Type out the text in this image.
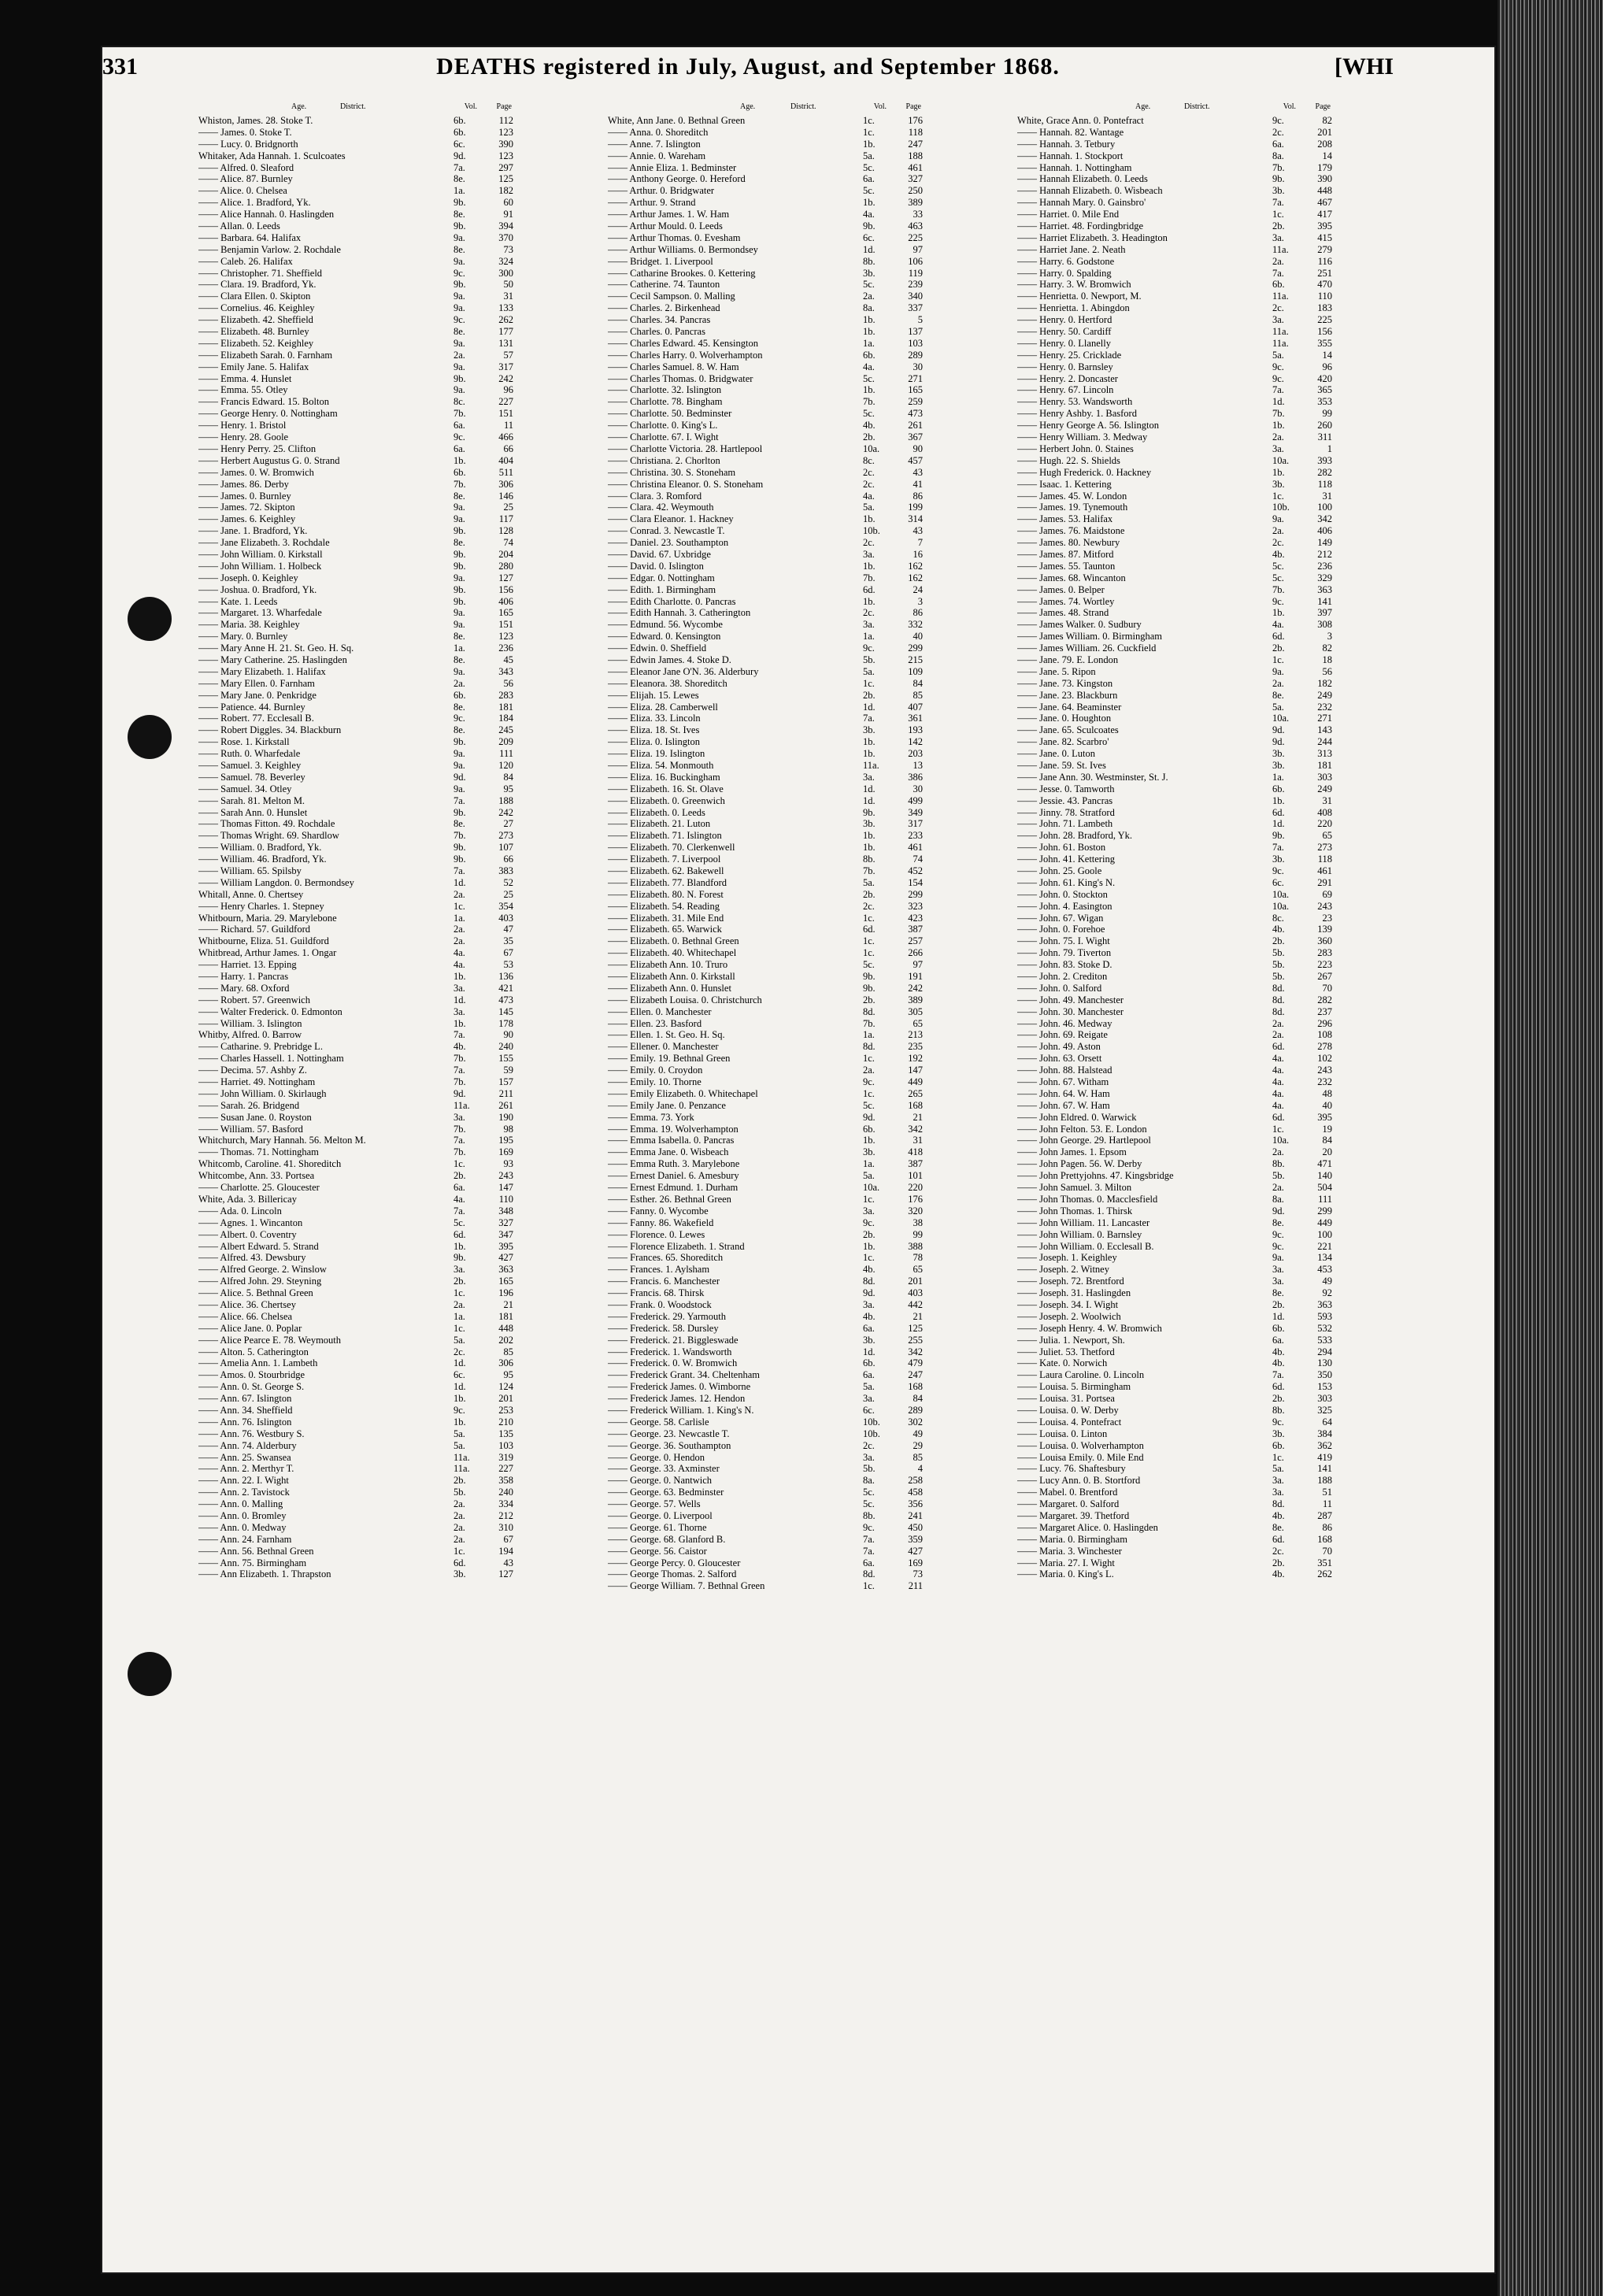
331	DEATHS registered in July, August, and September 1868.	[WHI
Age.	District.	Vol. Page
Whiston, James. 28. Stoke T.	6b.	112
—— James. 0. Stoke T.	6b.	123
—— Lucy. 0. Bridgnorth	6c.	390
Whitaker, Ada Hannah. 1. Sculcoates	9d.	123
—— Alfred. 0. Sleaford	7a.	297
—— Alice. 87. Burnley	8e.	125
—— Alice. 0. Chelsea	1a.	182
—— Alice. 1. Bradford, Yk.	9b.	60
—— Alice Hannah. 0. Haslingden	8e.	91
—— Allan. 0. Leeds	9b.	394
—— Barbara. 64. Halifax	9a.	370
—— Benjamin Varlow. 2. Rochdale	8e.	73
—— Caleb. 26. Halifax	9a.	324
—— Christopher. 71. Sheffield	9c.	300
—— Clara. 19. Bradford, Yk.	9b.	50
—— Clara Ellen. 0. Skipton	9a.	31
—— Cornelius. 46. Keighley	9a.	133
—— Elizabeth. 42. Sheffield	9c.	262
—— Elizabeth. 48. Burnley	8e.	177
—— Elizabeth. 52. Keighley	9a.	131
—— Elizabeth Sarah. 0. Farnham	2a.	57
—— Emily Jane. 5. Halifax	9a.	317
—— Emma. 4. Hunslet	9b.	242
—— Emma. 55. Otley	9a.	96
—— Francis Edward. 15. Bolton	8c.	227
—— George Henry. 0. Nottingham	7b.	151
—— Henry. 1. Bristol	6a.	11
—— Henry. 28. Goole	9c.	466
—— Henry Perry. 25. Clifton	6a.	66
—— Herbert Augustus G. 0. Strand	1b.	404
—— James. 0. W. Bromwich	6b.	511
—— James. 86. Derby	7b.	306
—— James. 0. Burnley	8e.	146
—— James. 72. Skipton	9a.	25
—— James. 6. Keighley	9a.	117
—— Jane. 1. Bradford, Yk.	9b.	128
—— Jane Elizabeth. 3. Rochdale	8e.	74
—— John William. 0. Kirkstall	9b.	204
—— John William. 1. Holbeck	9b.	280
—— Joseph. 0. Keighley	9a.	127
—— Joshua. 0. Bradford, Yk.	9b.	156
—— Kate. 1. Leeds	9b.	406
—— Margaret. 13. Wharfedale	9a.	165
—— Maria. 38. Keighley	9a.	151
—— Mary. 0. Burnley	8e.	123
—— Mary Anne H. 21. St. Geo. H. Sq.	1a.	236
—— Mary Catherine. 25. Haslingden	8e.	45
—— Mary Elizabeth. 1. Halifax	9a.	343
—— Mary Ellen. 0. Farnham	2a.	56
—— Mary Jane. 0. Penkridge	6b.	283
—— Patience. 44. Burnley	8e.	181
—— Robert. 77. Ecclesall B.	9c.	184
—— Robert Diggles. 34. Blackburn	8e.	245
—— Rose. 1. Kirkstall	9b.	209
—— Ruth. 0. Wharfedale	9a.	111
—— Samuel. 3. Keighley	9a.	120
—— Samuel. 78. Beverley	9d.	84
—— Samuel. 34. Otley	9a.	95
—— Sarah. 81. Melton M.	7a.	188
—— Sarah Ann. 0. Hunslet	9b.	242
—— Thomas Fitton. 49. Rochdale	8e.	27
—— Thomas Wright. 69. Shardlow	7b.	273
—— William. 0. Bradford, Yk.	9b.	107
—— William. 46. Bradford, Yk.	9b.	66
—— William. 65. Spilsby	7a.	383
—— William Langdon. 0. Bermondsey	1d.	52
Whitall, Anne. 0. Chertsey	2a.	25
—— Henry Charles. 1. Stepney	1c.	354
Whitbourn, Maria. 29. Marylebone	1a.	403
—— Richard. 57. Guildford	2a.	47
Whitbourne, Eliza. 51. Guildford	2a.	35
Whitbread, Arthur James. 1. Ongar	4a.	67
—— Harriet. 13. Epping	4a.	53
—— Harry. 1. Pancras	1b.	136
—— Mary. 68. Oxford	3a.	421
—— Robert. 57. Greenwich	1d.	473
—— Walter Frederick. 0. Edmonton	3a.	145
—— William. 3. Islington	1b.	178
Whitby, Alfred. 0. Barrow	7a.	90
—— Catharine. 9. Prebridge L.	4b.	240
—— Charles Hassell. 1. Nottingham	7b.	155
—— Decima. 57. Ashby Z.	7a.	59
—— Harriet. 49. Nottingham	7b.	157
—— John William. 0. Skirlaugh	9d.	211
—— Sarah. 26. Bridgend	11a.	261
—— Susan Jane. 0. Royston	3a.	190
—— William. 57. Basford	7b.	98
Whitchurch, Mary Hannah. 56. Melton M.	7a.	195
—— Thomas. 71. Nottingham	7b.	169
Whitcomb, Caroline. 41. Shoreditch	1c.	93
Whitcombe, Ann. 33. Portsea	2b.	243
—— Charlotte. 25. Gloucester	6a.	147
White, Ada. 3. Billericay	4a.	110
—— Ada. 0. Lincoln	7a.	348
—— Agnes. 1. Wincanton	5c.	327
—— Albert. 0. Coventry	6d.	347
—— Albert Edward. 5. Strand	1b.	395
—— Alfred. 43. Dewsbury	9b.	427
—— Alfred George. 2. Winslow	3a.	363
—— Alfred John. 29. Steyning	2b.	165
—— Alice. 5. Bethnal Green	1c.	196
—— Alice. 36. Chertsey	2a.	21
—— Alice. 66. Chelsea	1a.	181
—— Alice Jane. 0. Poplar	1c.	448
—— Alice Pearce E. 78. Weymouth	5a.	202
—— Alton. 5. Catherington	2c.	85
—— Amelia Ann. 1. Lambeth	1d.	306
—— Amos. 0. Stourbridge	6c.	95
—— Ann. 0. St. George S.	1d.	124
—— Ann. 67. Islington	1b.	201
—— Ann. 34. Sheffield	9c.	253
—— Ann. 76. Islington	1b.	210
—— Ann. 76. Westbury S.	5a.	135
—— Ann. 74. Alderbury	5a.	103
—— Ann. 25. Swansea	11a.	319
—— Ann. 2. Merthyr T.	11a.	227
—— Ann. 22. I. Wight	2b.	358
—— Ann. 2. Tavistock	5b.	240
—— Ann. 0. Malling	2a.	334
—— Ann. 0. Bromley	2a.	212
—— Ann. 0. Medway	2a.	310
—— Ann. 24. Farnham	2a.	67
—— Ann. 56. Bethnal Green	1c.	194
—— Ann. 75. Birmingham	6d.	43
—— Ann Elizabeth. 1. Thrapston	3b.	127
Age.	District.	Vol. Page
White, Ann Jane. 0. Bethnal Green	1c.	176
—— Anna. 0. Shoreditch	1c.	118
—— Anne. 7. Islington	1b.	247
—— Annie. 0. Wareham	5a.	188
—— Annie Eliza. 1. Bedminster	5c.	461
—— Anthony George. 0. Hereford	6a.	327
—— Arthur. 0. Bridgwater	5c.	250
—— Arthur. 9. Strand	1b.	389
—— Arthur James. 1. W. Ham	4a.	33
—— Arthur Mould. 0. Leeds	9b.	463
—— Arthur Thomas. 0. Evesham	6c.	225
—— Arthur Williams. 0. Bermondsey	1d.	97
—— Bridget. 1. Liverpool	8b.	106
—— Catharine Brookes. 0. Kettering	3b.	119
—— Catherine. 74. Taunton	5c.	239
—— Cecil Sampson. 0. Malling	2a.	340
—— Charles. 2. Birkenhead	8a.	337
—— Charles. 34. Pancras	1b.	5
—— Charles. 0. Pancras	1b.	137
—— Charles Edward. 45. Kensington	1a.	103
—— Charles Harry. 0. Wolverhampton	6b.	289
—— Charles Samuel. 8. W. Ham	4a.	30
—— Charles Thomas. 0. Bridgwater	5c.	271
—— Charlotte. 32. Islington	1b.	165
—— Charlotte. 78. Bingham	7b.	259
—— Charlotte. 50. Bedminster	5c.	473
—— Charlotte. 0. King's L.	4b.	261
—— Charlotte. 67. I. Wight	2b.	367
—— Charlotte Victoria. 28. Hartlepool	10a.	90
—— Christiana. 2. Chorlton	8c.	457
—— Christina. 30. S. Stoneham	2c.	43
—— Christina Eleanor. 0. S. Stoneham	2c.	41
—— Clara. 3. Romford	4a.	86
—— Clara. 42. Weymouth	5a.	199
—— Clara Eleanor. 1. Hackney	1b.	314
—— Conrad. 3. Newcastle T.	10b.	43
—— Daniel. 23. Southampton	2c.	7
—— David. 67. Uxbridge	3a.	16
—— David. 0. Islington	1b.	162
—— Edgar. 0. Nottingham	7b.	162
—— Edith. 1. Birmingham	6d.	24
—— Edith Charlotte. 0. Pancras	1b.	3
—— Edith Hannah. 3. Catherington	2c.	86
—— Edmund. 56. Wycombe	3a.	332
—— Edward. 0. Kensington	1a.	40
—— Edwin. 0. Sheffield	9c.	299
—— Edwin James. 4. Stoke D.	5b.	215
—— Eleanor Jane O'N. 36. Alderbury	5a.	109
—— Eleanora. 38. Shoreditch	1c.	84
—— Elijah. 15. Lewes	2b.	85
—— Eliza. 28. Camberwell	1d.	407
—— Eliza. 33. Lincoln	7a.	361
—— Eliza. 18. St. Ives	3b.	193
—— Eliza. 0. Islington	1b.	142
—— Eliza. 19. Islington	1b.	203
—— Eliza. 54. Monmouth	11a.	13
—— Eliza. 16. Buckingham	3a.	386
—— Elizabeth. 16. St. Olave	1d.	30
—— Elizabeth. 0. Greenwich	1d.	499
—— Elizabeth. 0. Leeds	9b.	349
—— Elizabeth. 21. Luton	3b.	317
—— Elizabeth. 71. Islington	1b.	233
—— Elizabeth. 70. Clerkenwell	1b.	461
—— Elizabeth. 7. Liverpool	8b.	74
—— Elizabeth. 62. Bakewell	7b.	452
—— Elizabeth. 77. Blandford	5a.	154
—— Elizabeth. 80. N. Forest	2b.	299
—— Elizabeth. 54. Reading	2c.	323
—— Elizabeth. 31. Mile End	1c.	423
—— Elizabeth. 65. Warwick	6d.	387
—— Elizabeth. 0. Bethnal Green	1c.	257
—— Elizabeth. 40. Whitechapel	1c.	266
—— Elizabeth Ann. 10. Truro	5c.	97
—— Elizabeth Ann. 0. Kirkstall	9b.	191
—— Elizabeth Ann. 0. Hunslet	9b.	242
—— Elizabeth Louisa. 0. Christchurch	2b.	389
—— Ellen. 0. Manchester	8d.	305
—— Ellen. 23. Basford	7b.	65
—— Ellen. 1. St. Geo. H. Sq.	1a.	213
—— Ellener. 0. Manchester	8d.	235
—— Emily. 19. Bethnal Green	1c.	192
—— Emily. 0. Croydon	2a.	147
—— Emily. 10. Thorne	9c.	449
—— Emily Elizabeth. 0. Whitechapel	1c.	265
—— Emily Jane. 0. Penzance	5c.	168
—— Emma. 73. York	9d.	21
—— Emma. 19. Wolverhampton	6b.	342
—— Emma Isabella. 0. Pancras	1b.	31
—— Emma Jane. 0. Wisbeach	3b.	418
—— Emma Ruth. 3. Marylebone	1a.	387
—— Ernest Daniel. 6. Amesbury	5a.	101
—— Ernest Edmund. 1. Durham	10a.	220
—— Esther. 26. Bethnal Green	1c.	176
—— Fanny. 0. Wycombe	3a.	320
—— Fanny. 86. Wakefield	9c.	38
—— Florence. 0. Lewes	2b.	99
—— Florence Elizabeth. 1. Strand	1b.	388
—— Frances. 65. Shoreditch	1c.	78
—— Frances. 1. Aylsham	4b.	65
—— Francis. 6. Manchester	8d.	201
—— Francis. 68. Thirsk	9d.	403
—— Frank. 0. Woodstock	3a.	442
—— Frederick. 29. Yarmouth	4b.	21
—— Frederick. 58. Dursley	6a.	125
—— Frederick. 21. Biggleswade	3b.	255
—— Frederick. 1. Wandsworth	1d.	342
—— Frederick. 0. W. Bromwich	6b.	479
—— Frederick Grant. 34. Cheltenham	6a.	247
—— Frederick James. 0. Wimborne	5a.	168
—— Frederick James. 12. Hendon	3a.	84
—— Frederick William. 1. King's N.	6c.	289
—— George. 58. Carlisle	10b.	302
—— George. 23. Newcastle T.	10b.	49
—— George. 36. Southampton	2c.	29
—— George. 0. Hendon	3a.	85
—— George. 33. Axminster	5b.	4
—— George. 0. Nantwich	8a.	258
—— George. 63. Bedminster	5c.	458
—— George. 57. Wells	5c.	356
—— George. 0. Liverpool	8b.	241
—— George. 61. Thorne	9c.	450
—— George. 68. Glanford B.	7a.	359
—— George. 56. Caistor	7a.	427
—— George Percy. 0. Gloucester	6a.	169
—— George Thomas. 2. Salford	8d.	73
—— George William. 7. Bethnal Green	1c.	211
Age.	District.	Vol. Page
White, Grace Ann. 0. Pontefract	9c.	82
—— Hannah. 82. Wantage	2c.	201
—— Hannah. 3. Tetbury	6a.	208
—— Hannah. 1. Stockport	8a.	14
—— Hannah. 1. Nottingham	7b.	179
—— Hannah Elizabeth. 0. Leeds	9b.	390
—— Hannah Elizabeth. 0. Wisbeach	3b.	448
—— Hannah Mary. 0. Gainsbro'	7a.	467
—— Harriet. 0. Mile End	1c.	417
—— Harriet. 48. Fordingbridge	2b.	395
—— Harriet Elizabeth. 3. Headington	3a.	415
—— Harriet Jane. 2. Neath	11a.	279
—— Harry. 6. Godstone	2a.	116
—— Harry. 0. Spalding	7a.	251
—— Harry. 3. W. Bromwich	6b.	470
—— Henrietta. 0. Newport, M.	11a.	110
—— Henrietta. 1. Abingdon	2c.	183
—— Henry. 0. Hertford	3a.	225
—— Henry. 50. Cardiff	11a.	156
—— Henry. 0. Llanelly	11a.	355
—— Henry. 25. Cricklade	5a.	14
—— Henry. 0. Barnsley	9c.	96
—— Henry. 2. Doncaster	9c.	420
—— Henry. 67. Lincoln	7a.	365
—— Henry. 53. Wandsworth	1d.	353
—— Henry Ashby. 1. Basford	7b.	99
—— Henry George A. 56. Islington	1b.	260
—— Henry William. 3. Medway	2a.	311
—— Herbert John. 0. Staines	3a.	1
—— Hugh. 22. S. Shields	10a.	393
—— Hugh Frederick. 0. Hackney	1b.	282
—— Isaac. 1. Kettering	3b.	118
—— James. 45. W. London	1c.	31
—— James. 19. Tynemouth	10b.	100
—— James. 53. Halifax	9a.	342
—— James. 76. Maidstone	2a.	406
—— James. 80. Newbury	2c.	149
—— James. 87. Mitford	4b.	212
—— James. 55. Taunton	5c.	236
—— James. 68. Wincanton	5c.	329
—— James. 0. Belper	7b.	363
—— James. 74. Wortley	9c.	141
—— James. 48. Strand	1b.	397
—— James Walker. 0. Sudbury	4a.	308
—— James William. 0. Birmingham	6d.	3
—— James William. 26. Cuckfield	2b.	82
—— Jane. 79. E. London	1c.	18
—— Jane. 5. Ripon	9a.	56
—— Jane. 73. Kingston	2a.	182
—— Jane. 23. Blackburn	8e.	249
—— Jane. 64. Beaminster	5a.	232
—— Jane. 0. Houghton	10a.	271
—— Jane. 65. Sculcoates	9d.	143
—— Jane. 82. Scarbro'	9d.	244
—— Jane. 0. Luton	3b.	313
—— Jane. 59. St. Ives	3b.	181
—— Jane Ann. 30. Westminster, St. J.	1a.	303
—— Jesse. 0. Tamworth	6b.	249
—— Jessie. 43. Pancras	1b.	31
—— Jinny. 78. Stratford	6d.	408
—— John. 71. Lambeth	1d.	220
—— John. 28. Bradford, Yk.	9b.	65
—— John. 61. Boston	7a.	273
—— John. 41. Kettering	3b.	118
—— John. 25. Goole	9c.	461
—— John. 61. King's N.	6c.	291
—— John. 0. Stockton	10a.	69
—— John. 4. Easington	10a.	243
—— John. 67. Wigan	8c.	23
—— John. 0. Forehoe	4b.	139
—— John. 75. I. Wight	2b.	360
—— John. 79. Tiverton	5b.	283
—— John. 83. Stoke D.	5b.	223
—— John. 2. Crediton	5b.	267
—— John. 0. Salford	8d.	70
—— John. 49. Manchester	8d.	282
—— John. 30. Manchester	8d.	237
—— John. 46. Medway	2a.	296
—— John. 69. Reigate	2a.	108
—— John. 49. Aston	6d.	278
—— John. 63. Orsett	4a.	102
—— John. 88. Halstead	4a.	243
—— John. 67. Witham	4a.	232
—— John. 64. W. Ham	4a.	48
—— John. 67. W. Ham	4a.	40
—— John Eldred. 0. Warwick	6d.	395
—— John Felton. 53. E. London	1c.	19
—— John George. 29. Hartlepool	10a.	84
—— John James. 1. Epsom	2a.	20
—— John Pagen. 56. W. Derby	8b.	471
—— John Prettyjohns. 47. Kingsbridge	5b.	140
—— John Samuel. 3. Milton	2a.	504
—— John Thomas. 0. Macclesfield	8a.	111
—— John Thomas. 1. Thirsk	9d.	299
—— John William. 11. Lancaster	8e.	449
—— John William. 0. Barnsley	9c.	100
—— John William. 0. Ecclesall B.	9c.	221
—— Joseph. 1. Keighley	9a.	134
—— Joseph. 2. Witney	3a.	453
—— Joseph. 72. Brentford	3a.	49
—— Joseph. 31. Haslingden	8e.	92
—— Joseph. 34. I. Wight	2b.	363
—— Joseph. 2. Woolwich	1d.	593
—— Joseph Henry. 4. W. Bromwich	6b.	532
—— Julia. 1. Newport, Sh.	6a.	533
—— Juliet. 53. Thetford	4b.	294
—— Kate. 0. Norwich	4b.	130
—— Laura Caroline. 0. Lincoln	7a.	350
—— Louisa. 5. Birmingham	6d.	153
—— Louisa. 31. Portsea	2b.	303
—— Louisa. 0. W. Derby	8b.	325
—— Louisa. 4. Pontefract	9c.	64
—— Louisa. 0. Linton	3b.	384
—— Louisa. 0. Wolverhampton	6b.	362
—— Louisa Emily. 0. Mile End	1c.	419
—— Lucy. 76. Shaftesbury	5a.	141
—— Lucy Ann. 0. B. Stortford	3a.	188
—— Mabel. 0. Brentford	3a.	51
—— Margaret. 0. Salford	8d.	11
—— Margaret. 39. Thetford	4b.	287
—— Margaret Alice. 0. Haslingden	8e.	86
—— Maria. 0. Birmingham	6d.	168
—— Maria. 3. Winchester	2c.	70
—— Maria. 27. I. Wight	2b.	351
—— Maria. 0. King's L.	4b.	262
